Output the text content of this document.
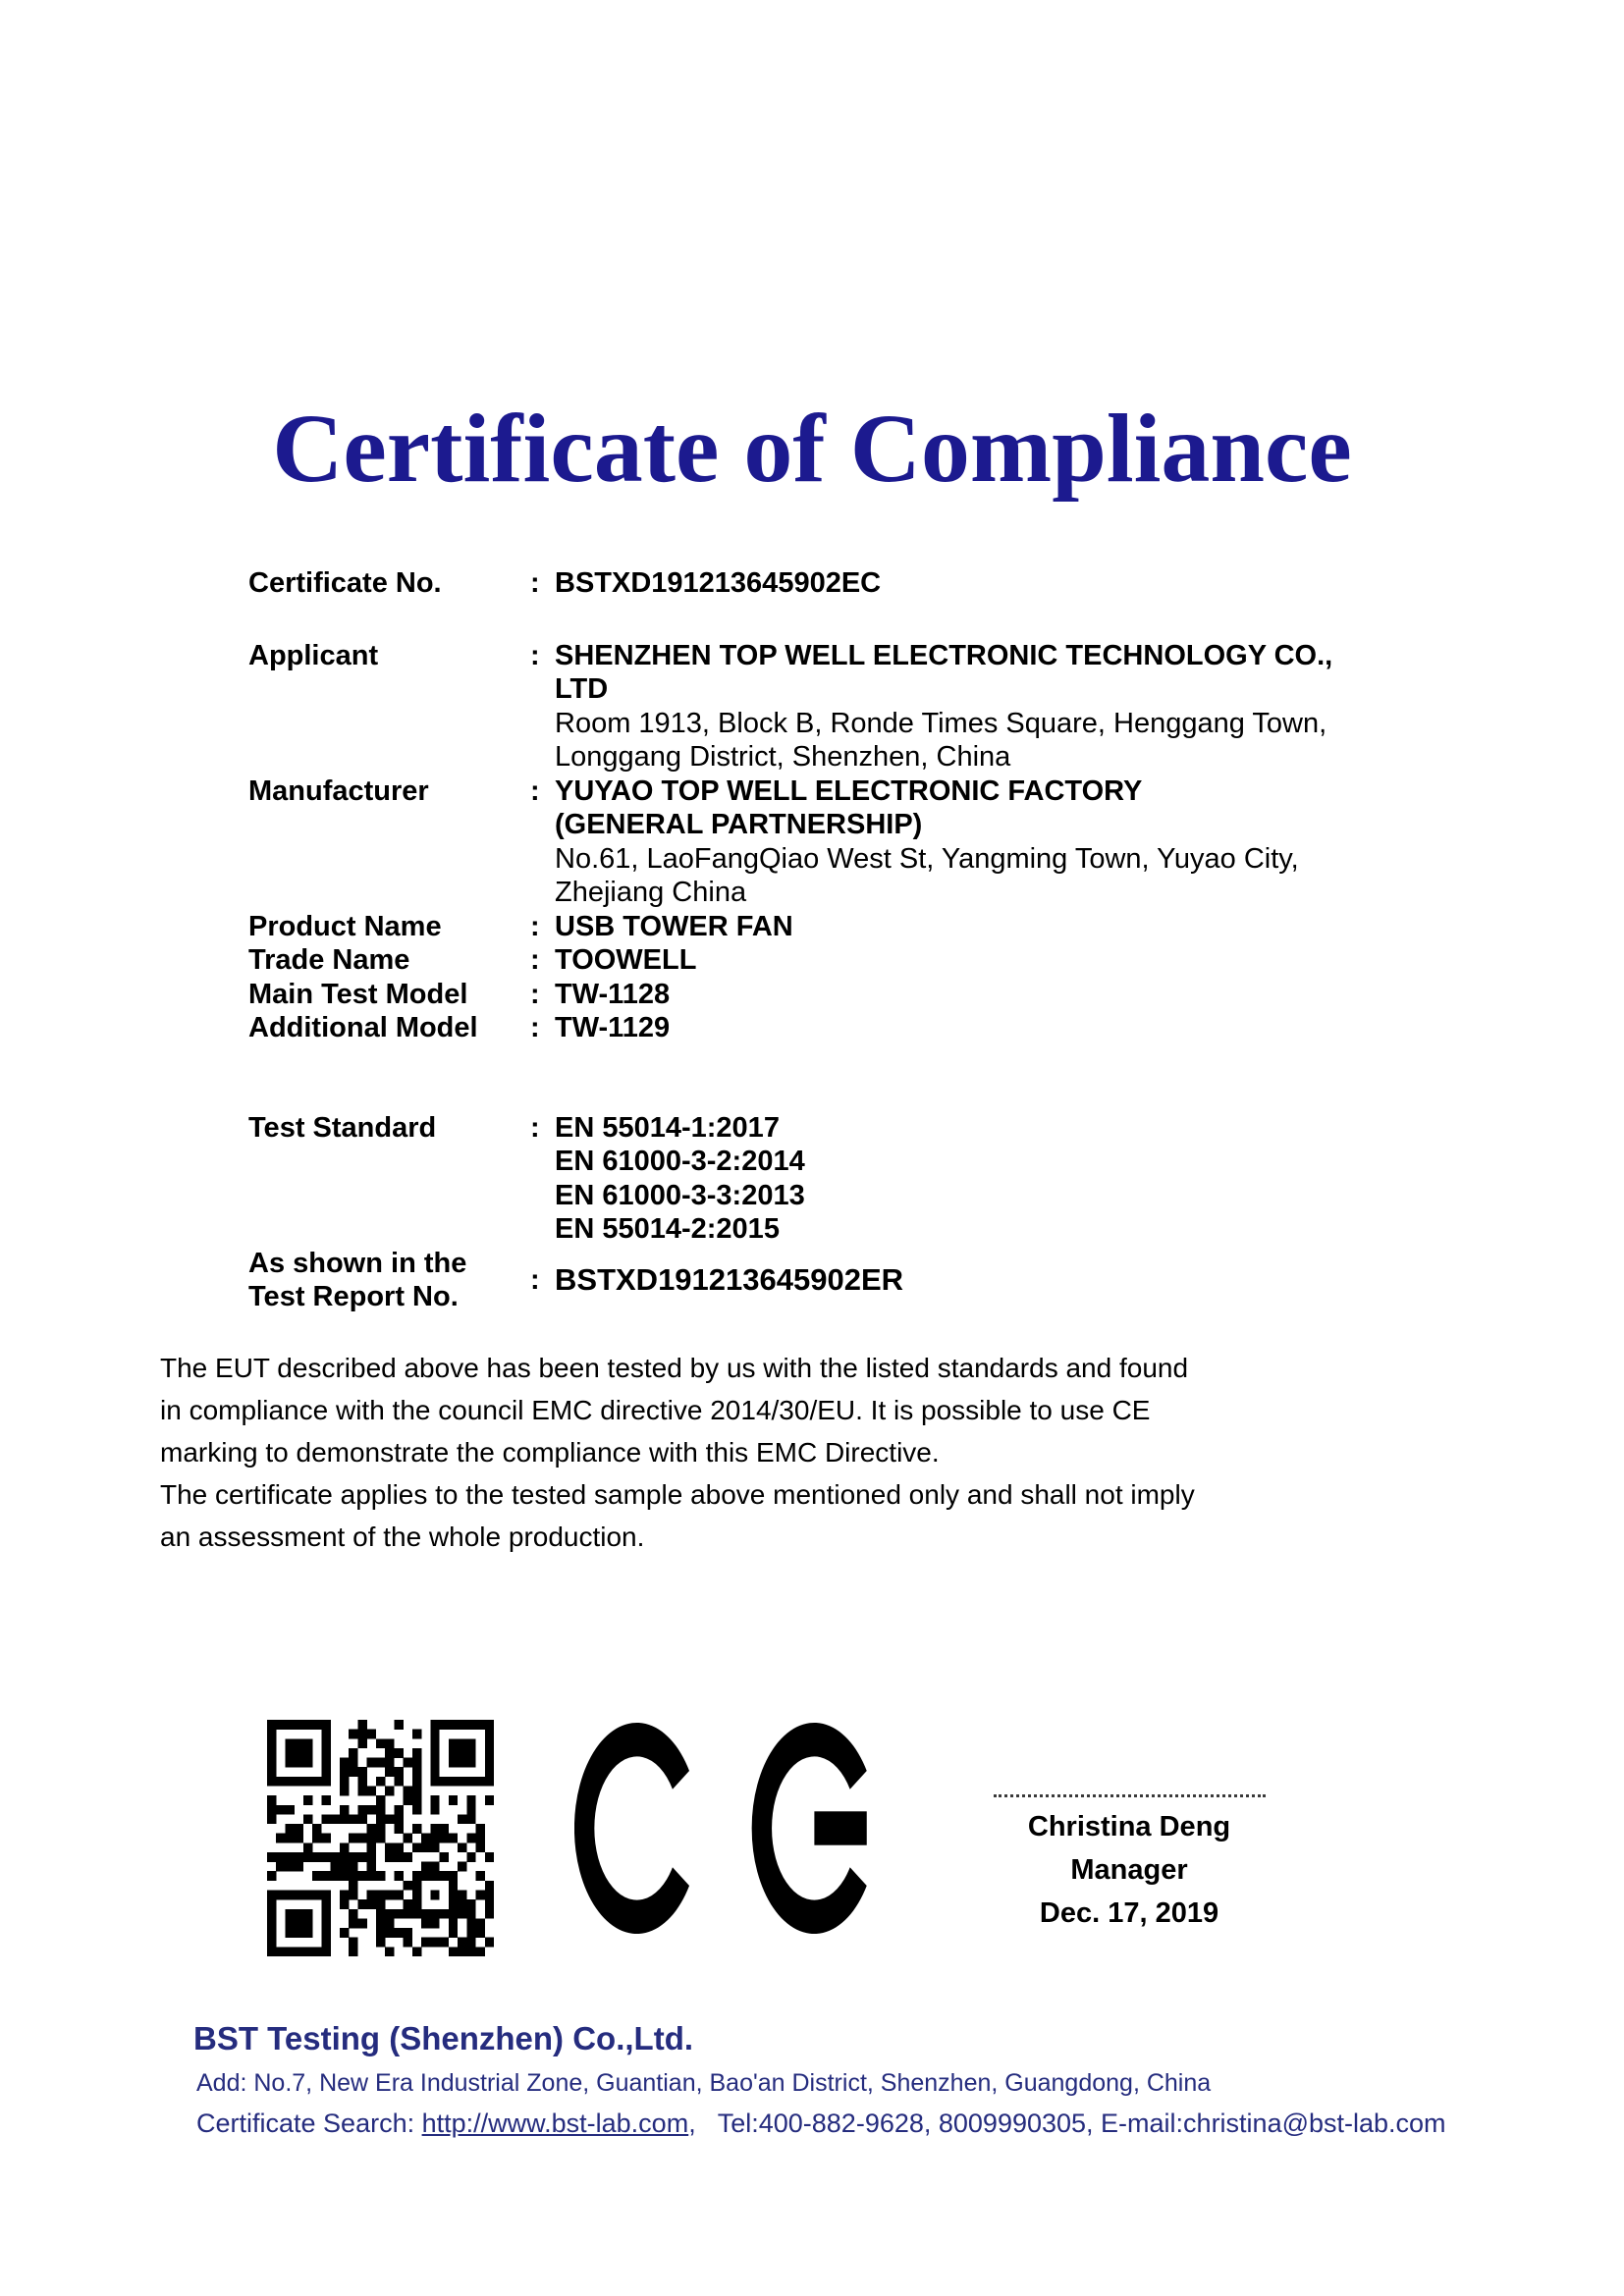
Certificate of Compliance
Certificate No.	: BSTXD191213645902EC
Applicant	: SHENZHEN TOP WELL ELECTRONIC TECHNOLOGY CO.,
LTD
Room 1913, Block B, Ronde Times Square, Henggang Town,
Longgang District, Shenzhen, China
Manufacturer	: YUYAO TOP WELL ELECTRONIC FACTORY
(GENERAL PARTNERSHIP)
No.61, LaoFangQiao West St, Yangming Town, Yuyao City,
Zhejiang China
Product Name	: USB TOWER FAN
Trade Name	: TOOWELL
Main Test Model	: TW-1128
Additional Model	: TW-1129
Test Standard	: EN 55014-1:2017
EN 61000-3-2:2014
EN 61000-3-3:2013
EN 55014-2:2015
As shown in the
Test Report No.
: BSTXD191213645902ER
The EUT described above has been tested by us with the listed standards and found
in compliance with the council EMC directive 2014/30/EU. It is possible to use CE
marking to demonstrate the compliance with this EMC Directive.
The certificate applies to the tested sample above mentioned only and shall not imply
an assessment of the whole production.
Christina Deng
Manager
Dec. 17, 2019
BST Testing (Shenzhen) Co.,Ltd.
Add: No.7, New Era Industrial Zone, Guantian, Bao'an District, Shenzhen, Guangdong, China
Certificate Search: http://www.bst-lab.com,   Tel:400-882-9628, 8009990305, E-mail:christina@bst-lab.com
